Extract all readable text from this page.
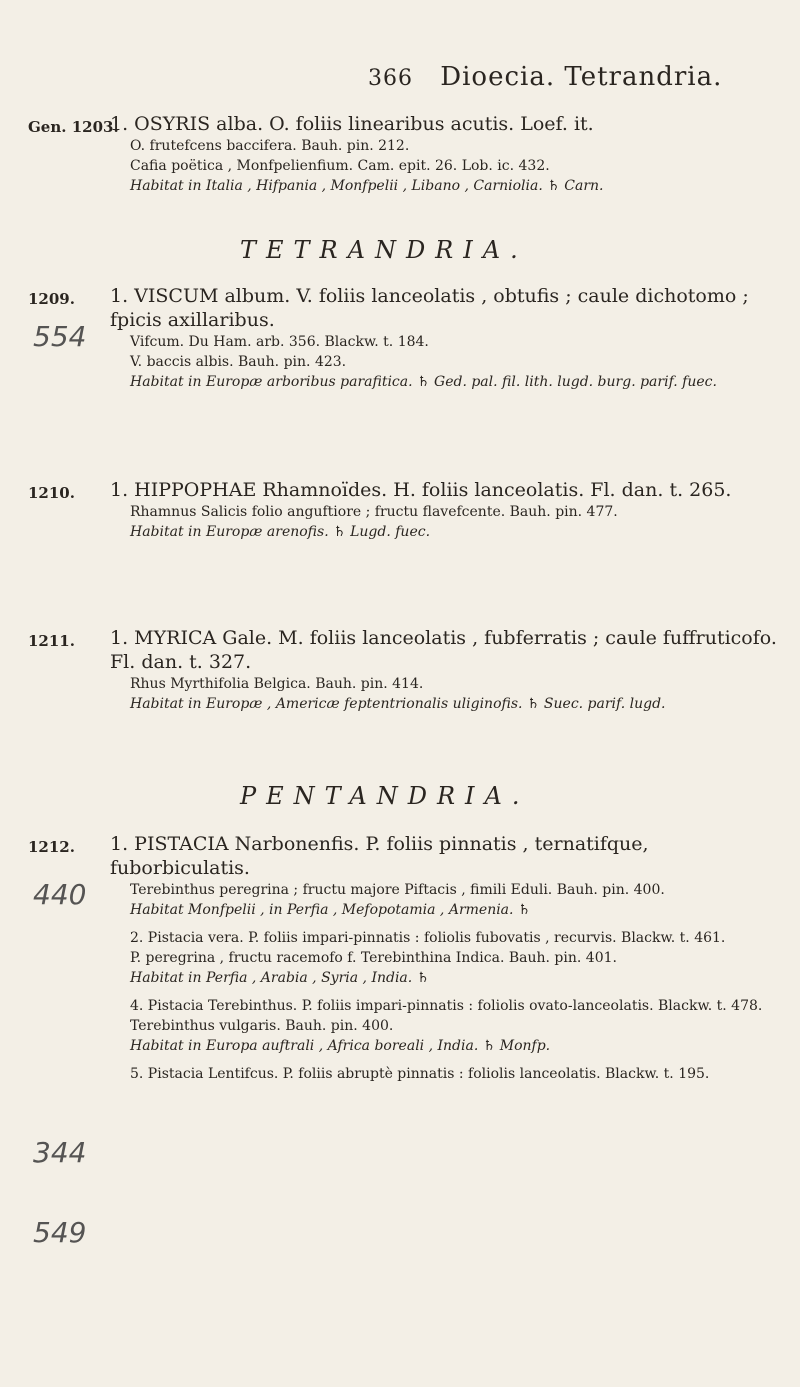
366 Dioecia. Tetrandria.
Gen. 1203.
1. OSYRIS alba. O. foliis linearibus acutis. Loef. it.
O. frutefcens baccifera. Bauh. pin. 212.
Cafia poëtica , Monfpelienfium. Cam. epit. 26. Lob. ic. 432.
Habitat in Italia , Hifpania , Monfpelii , Libano , Carniolia. ♄ Carn.
TETRANDRIA.
1209.
554
1. VISCUM album. V. foliis lanceolatis , obtufis ; caule dichotomo ; fpicis axillaribus.
Vifcum. Du Ham. arb. 356. Blackw. t. 184.
V. baccis albis. Bauh. pin. 423.
Habitat in Europæ arboribus parafitica. ♄ Ged. pal. fil. lith. lugd. burg. parif. fuec.
1210. 1. HIPPOPHAE Rhamnoïdes. H. foliis lanceolatis. Fl. dan. t. 265.
Rhamnus Salicis folio anguftiore ; fructu flavefcente. Bauh. pin. 477.
Habitat in Europæ arenofis. ♄ Lugd. fuec.
1211. 1. MYRICA Gale. M. foliis lanceolatis , fubferratis ; caule fuffruticofo. Fl. dan. t. 327.
Rhus Myrthifolia Belgica. Bauh. pin. 414.
Habitat in Europæ , Americæ feptentrionalis uliginofis. ♄ Suec. parif. lugd.
PENTANDRIA.
1212.
440
344
549
1. PISTACIA Narbonenfis. P. foliis pinnatis , ternatifque, fuborbiculatis.
Terebinthus peregrina ; fructu majore Piftacis , fimili Eduli. Bauh. pin. 400.
Habitat Monfpelii , in Perfia , Mefopotamia , Armenia. ♄
2. Pistacia vera. P. foliis impari-pinnatis : foliolis fubovatis , recurvis. Blackw. t. 461.
P. peregrina , fructu racemofo f. Terebinthina Indica. Bauh. pin. 401.
Habitat in Perfia , Arabia , Syria , India. ♄
4. Pistacia Terebinthus. P. foliis impari-pinnatis : foliolis ovato-lanceolatis. Blackw. t. 478.
Terebinthus vulgaris. Bauh. pin. 400.
Habitat in Europa auftrali , Africa boreali , India. ♄ Monfp.
5. Pistacia Lentifcus. P. foliis abruptè pinnatis : foliolis lanceolatis. Blackw. t. 195.
